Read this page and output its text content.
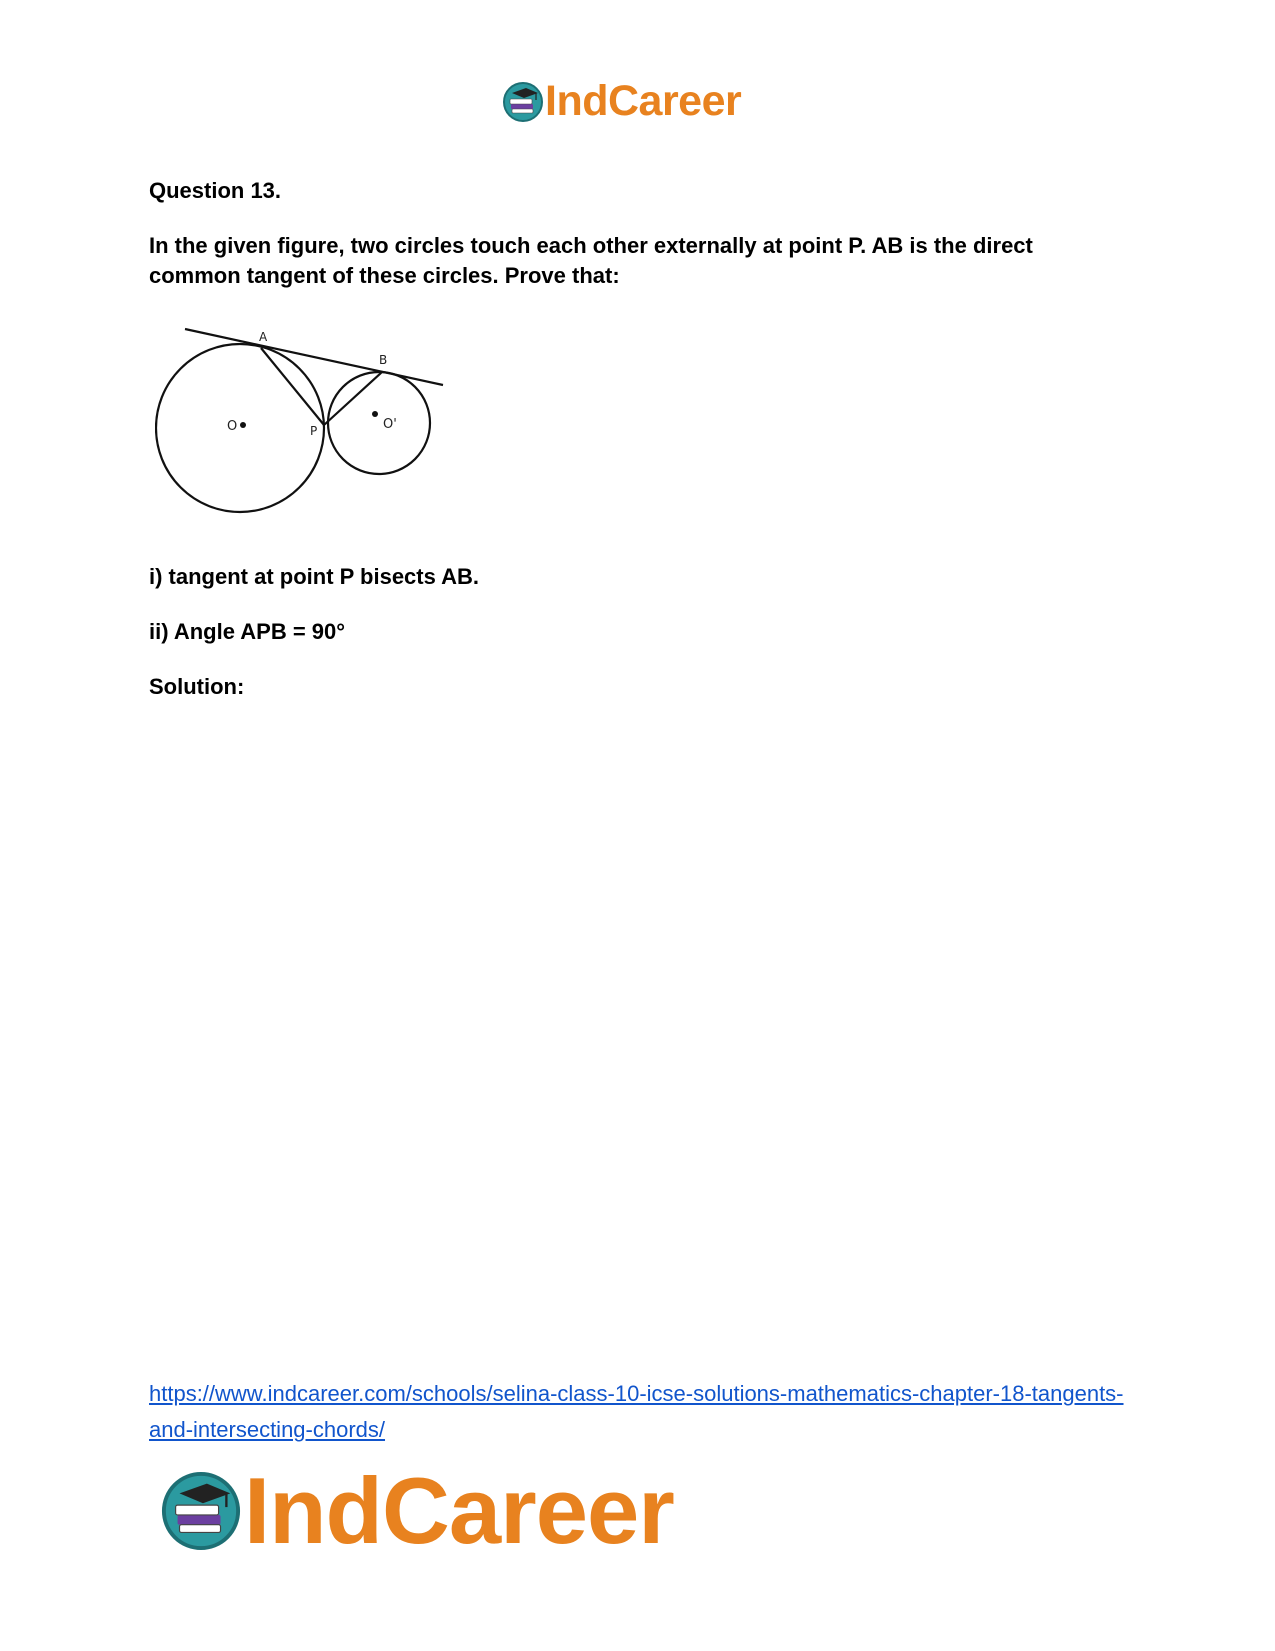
IndCareer
Question 13.
In the given figure, two circles touch each other externally at point P. AB is the direct common tangent of these circles. Prove that:
A
B
O	O'
P
i) tangent at point P bisects AB.
ii) Angle APB = 90°
Solution:
https://www.indcareer.com/schools/selina-class-10-icse-solutions-mathematics-chapter-18-tangents-and-intersecting-chords/
IndCareer
